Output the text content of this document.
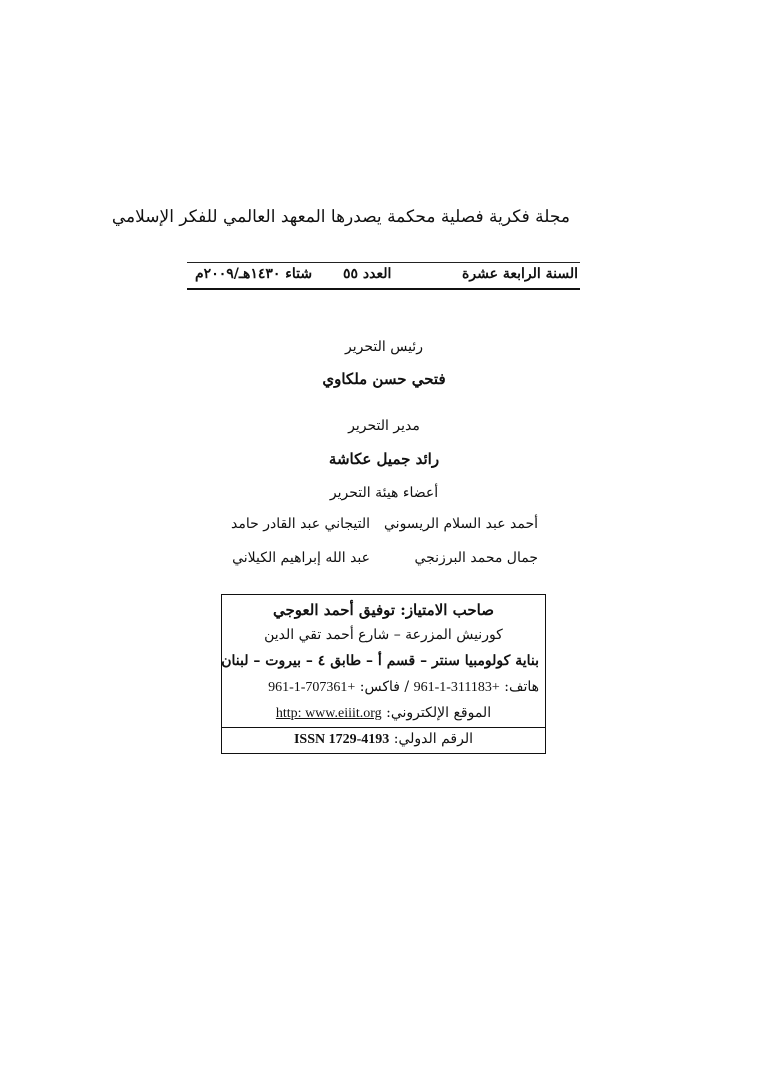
مجلة فكرية فصلية محكمة يصدرها المعهد العالمي للفكر الإسلامي
السنة الرابعة عشرة
العدد ٥٥
شتاء ١٤٣٠هـ/٢٠٠٩م
رئيس التحرير
فتحي حسن ملكاوي
مدير التحرير
رائد جميل عكاشة
أعضاء هيئة التحرير
أحمد عبد السلام الريسوني
التيجاني عبد القادر حامد
جمال محمد البرزنجي
عبد الله إبراهيم الكيلاني
صاحب الامتياز: توفيق أحمد العوجي
كورنيش المزرعة – شارع أحمد تقي الدين
بناية كولومبيا سنتر – قسم أ – طابق ٤ – بيروت – لبنان
هاتف: 961-1-707361+ / فاكس: 961-1-311183+
الموقع الإلكتروني: http: www.eiiit.org
الرقم الدولي: ISSN 1729-4193
